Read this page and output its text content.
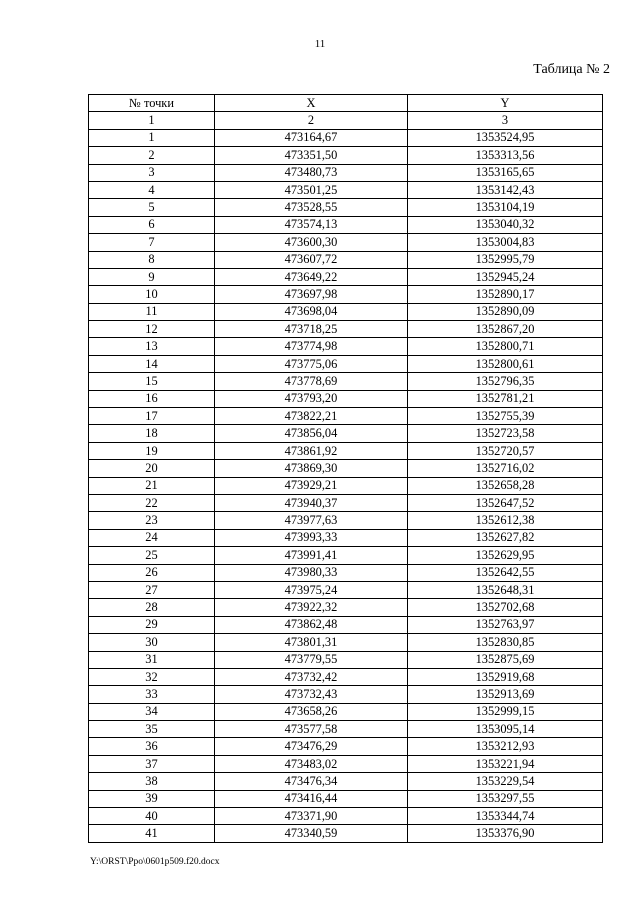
11
Таблица № 2
№ точки	X	Y
1	2	3
1	473164,67	1353524,95
2	473351,50	1353313,56
3	473480,73	1353165,65
4	473501,25	1353142,43
5	473528,55	1353104,19
6	473574,13	1353040,32
7	473600,30	1353004,83
8	473607,72	1352995,79
9	473649,22	1352945,24
10	473697,98	1352890,17
11	473698,04	1352890,09
12	473718,25	1352867,20
13	473774,98	1352800,71
14	473775,06	1352800,61
15	473778,69	1352796,35
16	473793,20	1352781,21
17	473822,21	1352755,39
18	473856,04	1352723,58
19	473861,92	1352720,57
20	473869,30	1352716,02
21	473929,21	1352658,28
22	473940,37	1352647,52
23	473977,63	1352612,38
24	473993,33	1352627,82
25	473991,41	1352629,95
26	473980,33	1352642,55
27	473975,24	1352648,31
28	473922,32	1352702,68
29	473862,48	1352763,97
30	473801,31	1352830,85
31	473779,55	1352875,69
32	473732,42	1352919,68
33	473732,43	1352913,69
34	473658,26	1352999,15
35	473577,58	1353095,14
36	473476,29	1353212,93
37	473483,02	1353221,94
38	473476,34	1353229,54
39	473416,44	1353297,55
40	473371,90	1353344,74
41	473340,59	1353376,90
Y:\ORST\Ppo\0601p509.f20.docx
